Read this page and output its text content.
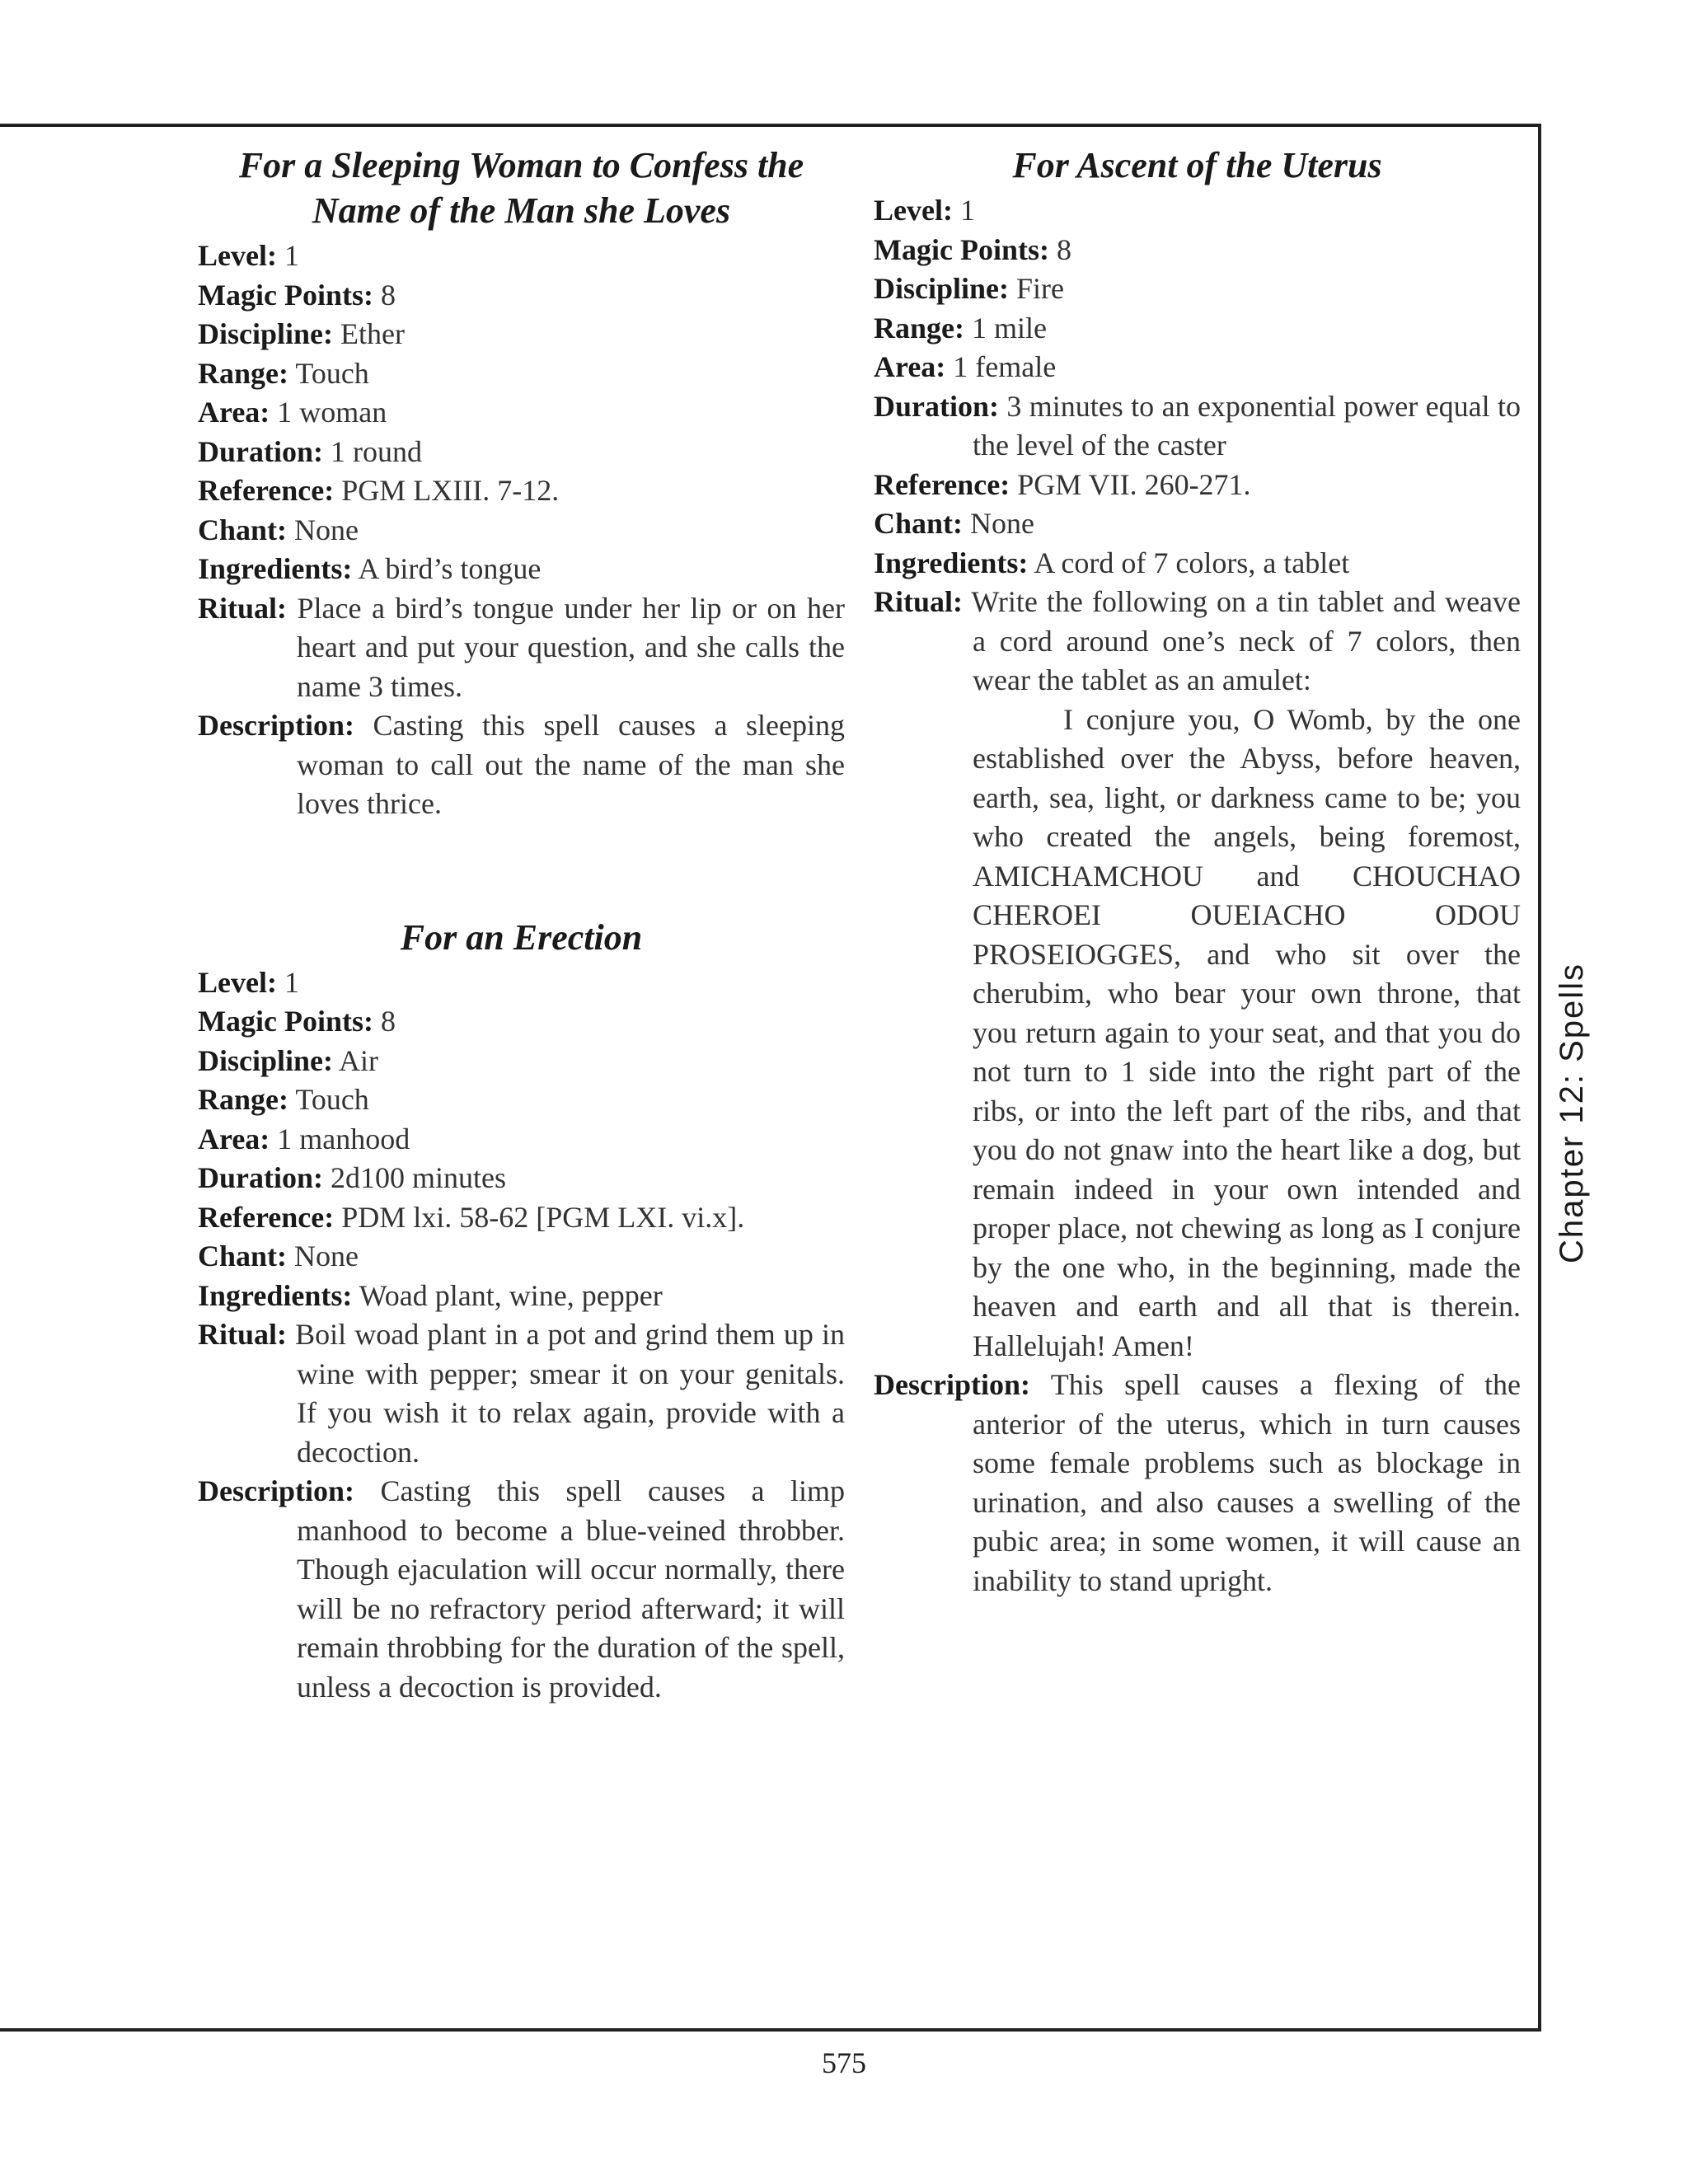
For a Sleeping Woman to Confess the Name of the Man she Loves
Level: 1
Magic Points: 8
Discipline: Ether
Range: Touch
Area: 1 woman
Duration: 1 round
Reference: PGM LXIII. 7-12.
Chant: None
Ingredients: A bird’s tongue
Ritual: Place a bird’s tongue under her lip or on her heart and put your question, and she calls the name 3 times.
Description: Casting this spell causes a sleeping woman to call out the name of the man she loves thrice.
For an Erection
Level: 1
Magic Points: 8
Discipline: Air
Range: Touch
Area: 1 manhood
Duration: 2d100 minutes
Reference: PDM lxi. 58-62 [PGM LXI. vi.x].
Chant: None
Ingredients: Woad plant, wine, pepper
Ritual: Boil woad plant in a pot and grind them up in wine with pepper; smear it on your genitals. If you wish it to relax again, provide with a decoction.
Description: Casting this spell causes a limp manhood to become a blue-veined throbber. Though ejaculation will occur normally, there will be no refractory period afterward; it will remain throbbing for the duration of the spell, unless a decoction is provided.
For Ascent of the Uterus
Level: 1
Magic Points: 8
Discipline: Fire
Range: 1 mile
Area: 1 female
Duration: 3 minutes to an exponential power equal to the level of the caster
Reference: PGM VII. 260-271.
Chant: None
Ingredients: A cord of 7 colors, a tablet
Ritual: Write the following on a tin tablet and weave a cord around one’s neck of 7 colors, then wear the tablet as an amulet:
I conjure you, O Womb, by the one established over the Abyss, before heaven, earth, sea, light, or darkness came to be; you who created the angels, being foremost, AMICHAMCHOU and CHOUCHAO CHEROEI OUEIACHO ODOU PROSEIOGGES, and who sit over the cherubim, who bear your own throne, that you return again to your seat, and that you do not turn to 1 side into the right part of the ribs, or into the left part of the ribs, and that you do not gnaw into the heart like a dog, but remain indeed in your own intended and proper place, not chewing as long as I conjure by the one who, in the beginning, made the heaven and earth and all that is therein. Hallelujah! Amen!
Description: This spell causes a flexing of the anterior of the uterus, which in turn causes some female problems such as blockage in urination, and also causes a swelling of the pubic area; in some women, it will cause an inability to stand upright.
Chapter 12: Spells
575
